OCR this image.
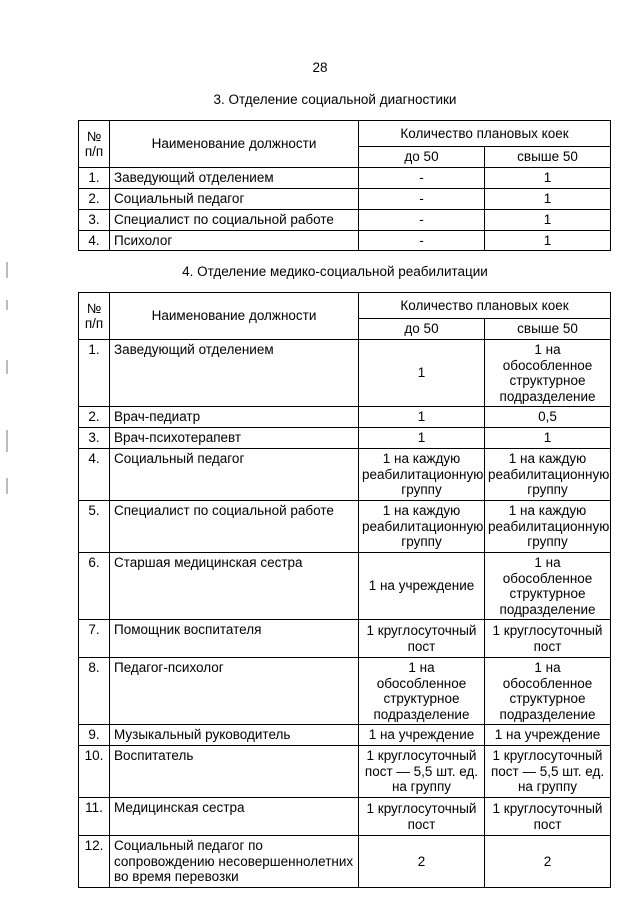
28
3. Отделение социальной диагностики
№ п/п	Наименование должности	Количество плановых коек	
		до 50	свыше 50
1.	Заведующий отделением	-	1
2.	Социальный педагог	-	1
3.	Специалист по социальной работе	-	1
4.	Психолог	-	1
4. Отделение медико-социальной реабилитации
№ п/п	Наименование должности	Количество плановых коек	
		до 50	свыше 50
1.	Заведующий отделением	1	1 на обособленное структурное подразделение
2.	Врач-педиатр	1	0,5
3.	Врач-психотерапевт	1	1
4.	Социальный педагог	1 на каждую реабилитационную группу	1 на каждую реабилитационную группу
5.	Специалист по социальной работе	1 на каждую реабилитационную группу	1 на каждую реабилитационную группу
6.	Старшая медицинская сестра	1 на учреждение	1 на обособленное структурное подразделение
7.	Помощник воспитателя	1 круглосуточный пост	1 круглосуточный пост
8.	Педагог-психолог	1 на обособленное структурное подразделение	1 на обособленное структурное подразделение
9.	Музыкальный руководитель	1 на учреждение	1 на учреждение
10.	Воспитатель	1 круглосуточный пост — 5,5 шт. ед. на группу	1 круглосуточный пост — 5,5 шт. ед. на группу
11.	Медицинская сестра	1 круглосуточный пост	1 круглосуточный пост
12.	Социальный педагог по сопровождению несовершеннолетних во время перевозки	2	2
